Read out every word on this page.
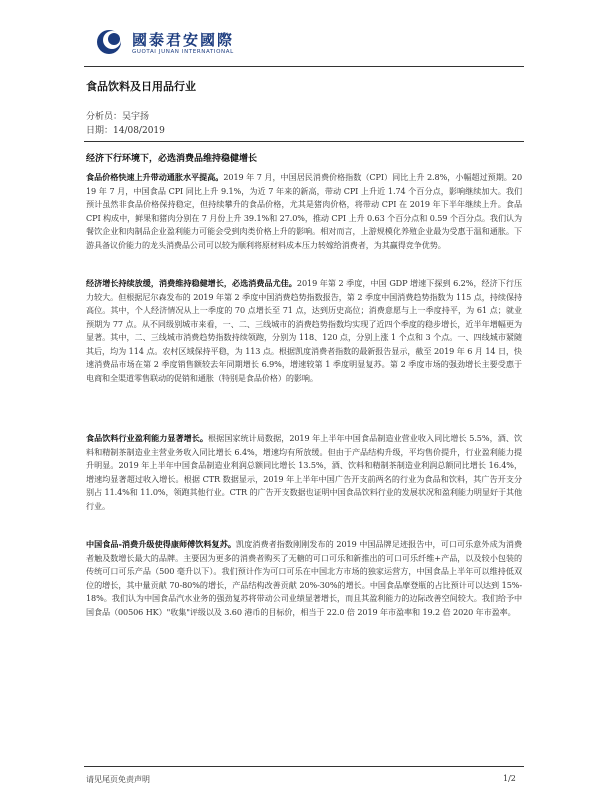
國泰君安國際
GUOTAI JUNAN INTERNATIONAL
食品饮料及日用品行业
分析员：吴宇扬
日期：14/08/2019
经济下行环境下，必选消费品维持稳健增长

食品价格快速上升带动通胀水平提高。2019 年 7 月，中国居民消费价格指数（CPI）同比上升 2.8%，小幅超过预期。2019 年 7 月，中国食品 CPI 同比上升 9.1%，为近 7 年来的新高，带动 CPI 上升近 1.74 个百分点，影响继续加大。我们预计虽然非食品价格保持稳定，但持续攀升的食品价格，尤其是猪肉价格，将带动 CPI 在 2019 年下半年继续上升。食品 CPI 构成中，鲜果和猪肉分别在 7 月份上升 39.1%和 27.0%，推动 CPI 上升 0.63 个百分点和 0.59 个百分点。我们认为餐饮企业和肉制品企业盈利能力可能会受到肉类价格上升的影响。相对而言，上游规模化养殖企业最为受惠于温和通胀。下游具备议价能力的龙头消费品公司可以较为顺利将原材料成本压力转嫁给消费者，为其赢得竞争优势。

经济增长持续放缓，消费维持稳健增长，必选消费品尤佳。2019 年第 2 季度，中国 GDP 增速下探到 6.2%，经济下行压力较大。但根据尼尔森发布的 2019 年第 2 季度中国消费趋势指数报告，第 2 季度中国消费趋势指数为 115 点，持续保持高位。其中，个人经济情况从上一季度的 70 点增长至 71 点，达到历史高位；消费意愿与上一季度持平，为 61 点；就业预期为 77 点。从不同级别城市来看，一、二、三线城市的消费趋势指数均实现了近四个季度的稳步增长，近半年增幅更为显著。其中，二、三线城市消费趋势指数持续领跑，分别为 118、120 点，分别上涨 1 个点和 3 个点。一、四线城市紧随其后，均为 114 点。农村区域保持平稳，为 113 点。根据凯度消费者指数的最新报告显示，截至 2019 年 6 月 14 日，快速消费品市场在第 2 季度销售额较去年同期增长 6.9%，增速较第 1 季度明显复苏。第 2 季度市场的强劲增长主要受惠于电商和全渠道零售联动的促销和通胀（特别是食品价格）的影响。

食品饮料行业盈利能力显著增长。根据国家统计局数据，2019 年上半年中国食品制造业营业收入同比增长 5.5%，酒、饮料和精制茶制造业主营业务收入同比增长 6.4%，增速均有所放缓。但由于产品结构升级，平均售价提升，行业盈利能力提升明显。2019 年上半年中国食品制造业利润总额同比增长 13.5%，酒、饮料和精制茶制造业利润总额同比增长 16.4%，增速均显著超过收入增长。根据 CTR 数据显示，2019 年上半年中国广告开支前两名的行业为食品和饮料，其广告开支分别占 11.4%和 11.0%，领跑其他行业。CTR 的广告开支数据也证明中国食品饮料行业的发展状况和盈利能力明显好于其他行业。

中国食品-消费升级使得康师傅饮料复苏。凯度消费者指数刚刚发布的 2019 中国品牌足迹报告中，可口可乐意外成为消费者触及数增长最大的品牌。主要因为更多的消费者购买了无糖的可口可乐和新推出的可口可乐纤维+产品，以及较小包装的传统可口可乐产品（500 毫升以下）。我们预计作为可口可乐在中国北方市场的独家运营方，中国食品上半年可以维持低双位的增长，其中量贡献 70-80%的增长，产品结构改善贡献 20%-30%的增长。中国食品摩登瓶的占比预计可以达到 15%-18%。我们认为中国食品汽水业务的强劲复苏将带动公司业绩显著增长，而且其盈利能力的边际改善空间较大。我们给予中国食品（00506 HK）"收集"评级以及 3.60 港币的目标价，相当于 22.0 倍 2019 年市盈率和 19.2 倍 2020 年市盈率。

请见尾页免责声明	1/2
